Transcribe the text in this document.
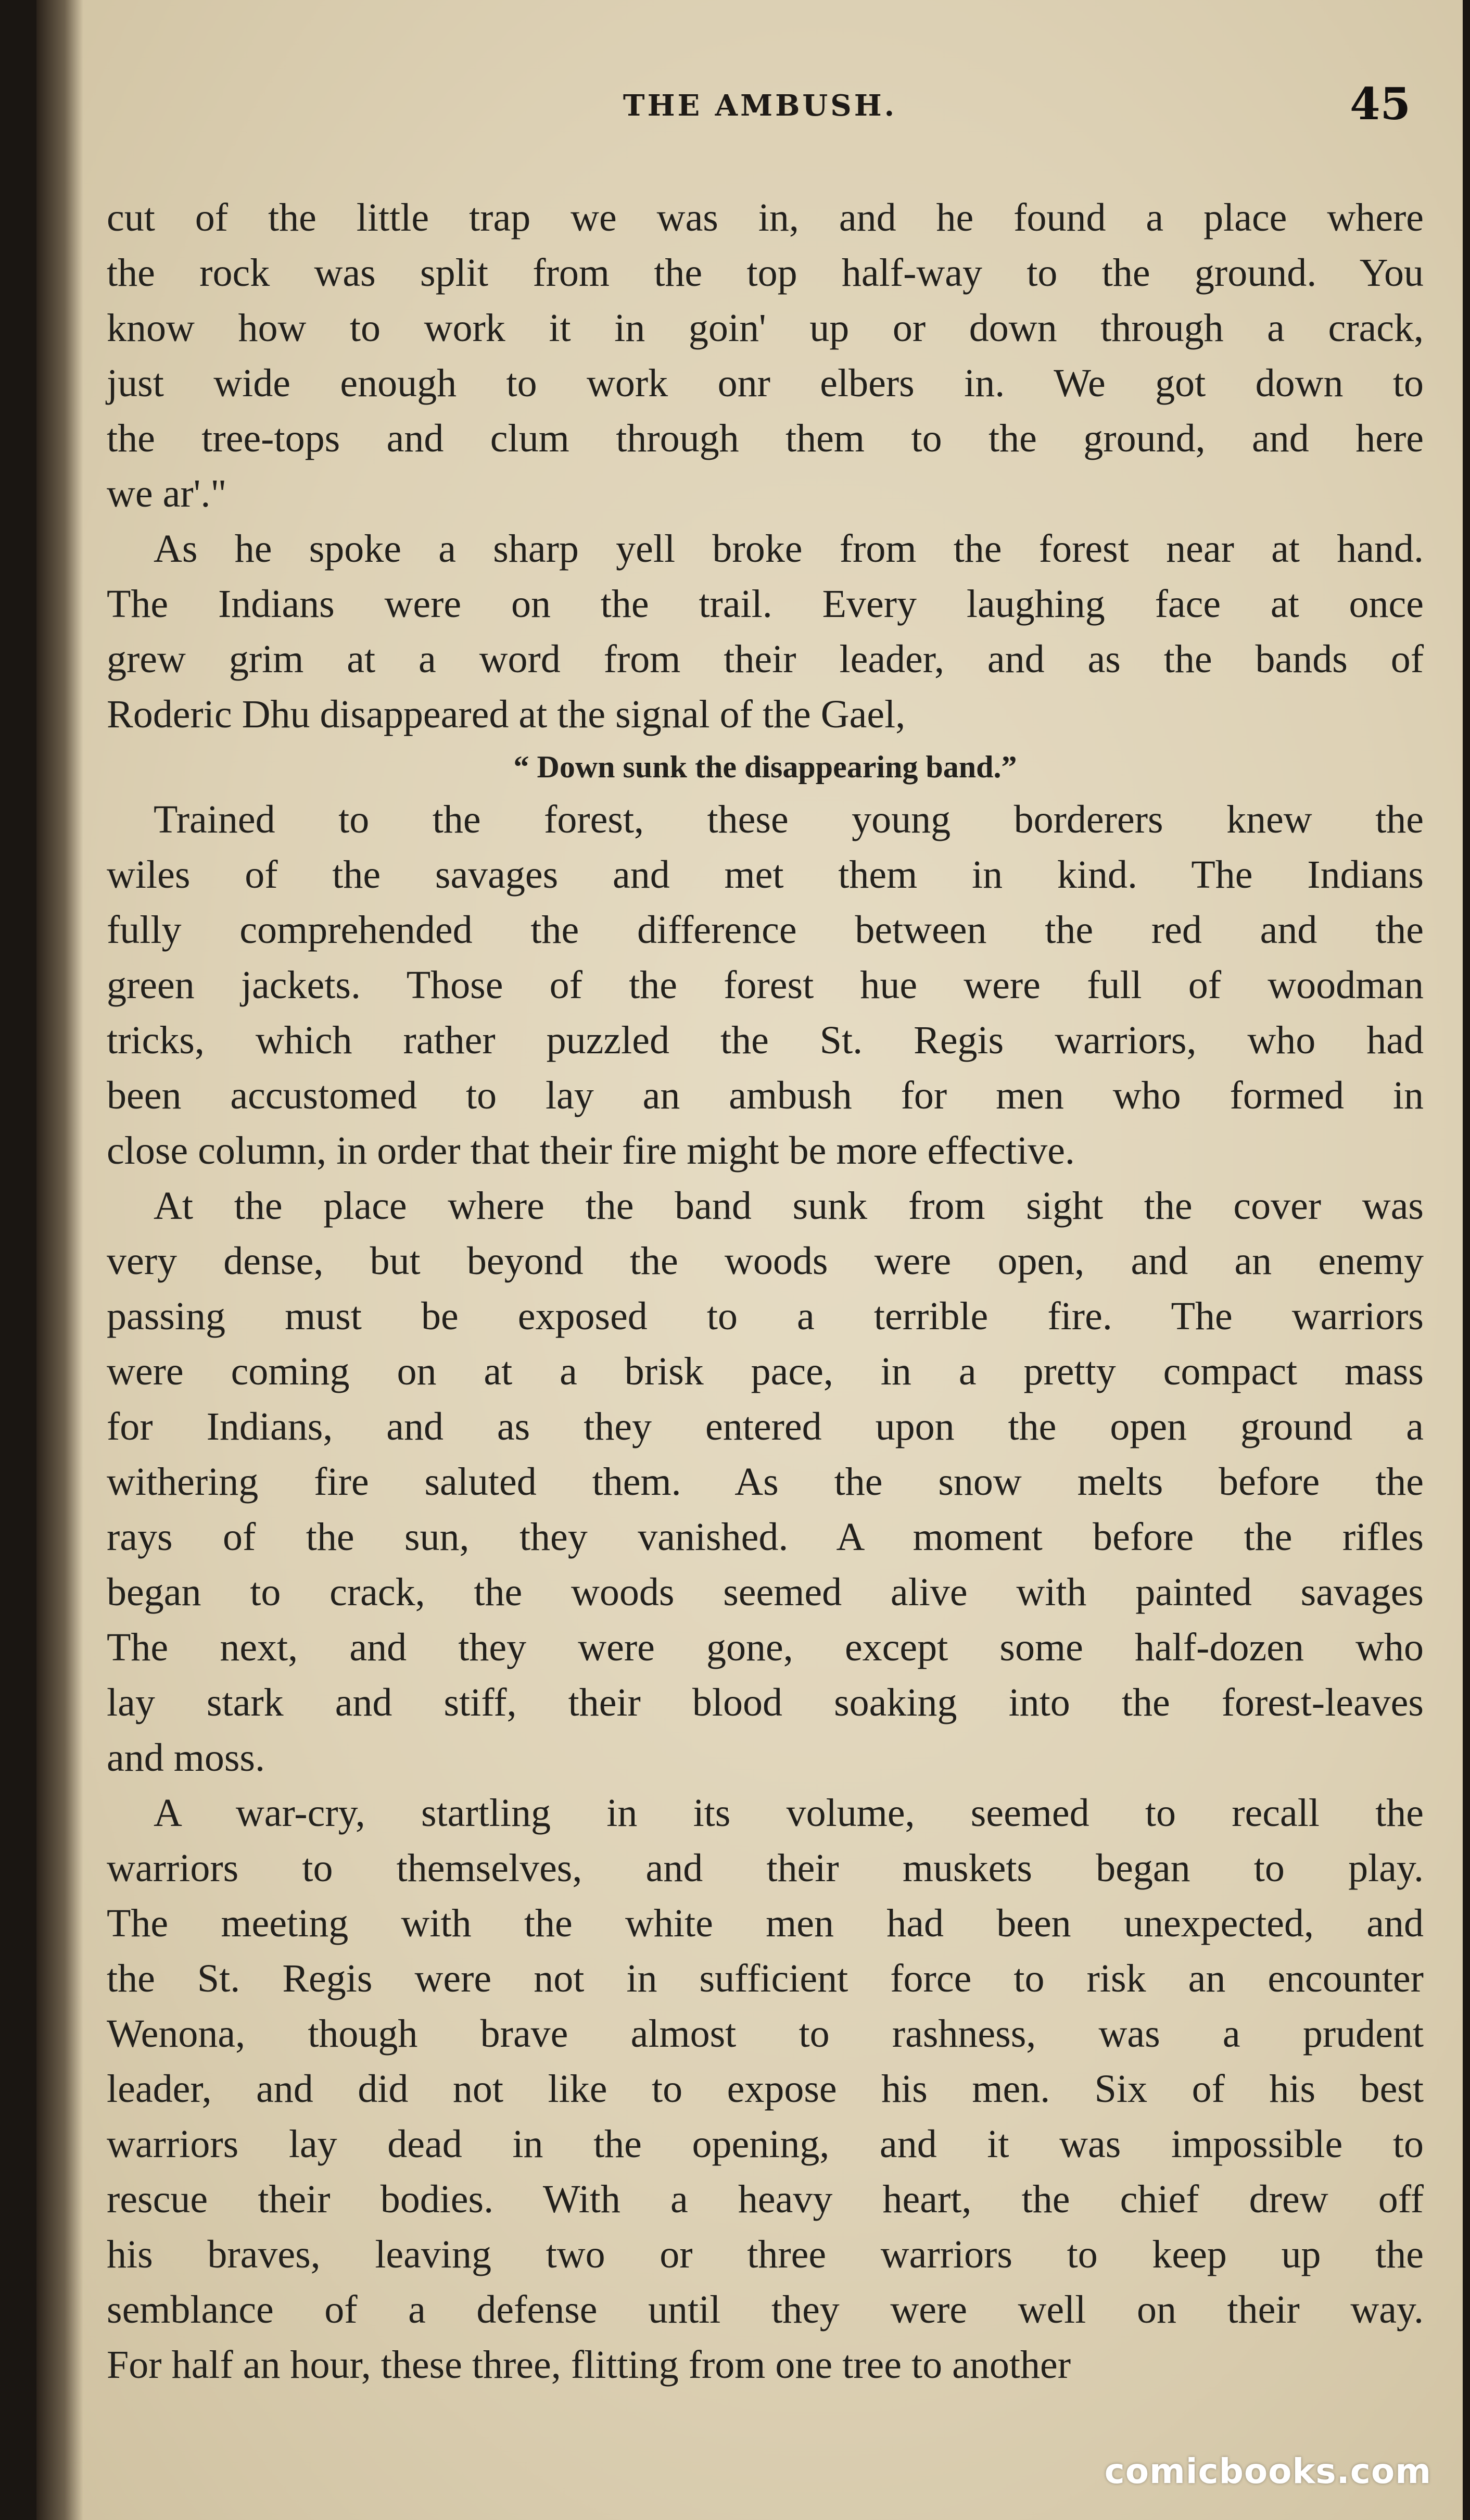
THE AMBUSH.	45

cut of the little trap we was in, and he found a place where
the rock was split from the top half-way to the ground. You
know how to work it in goin' up or down through a crack,
just wide enough to work onr elbers in. We got down to
the tree-tops and clum through them to the ground, and here
we ar'."

As he spoke a sharp yell broke from the forest near at hand.
The Indians were on the trail. Every laughing face at once
grew grim at a word from their leader, and as the bands of
Roderic Dhu disappeared at the signal of the Gael,

“ Down sunk the disappearing band.”

Trained to the forest, these young borderers knew the
wiles of the savages and met them in kind. The Indians
fully comprehended the difference between the red and the
green jackets. Those of the forest hue were full of woodman
tricks, which rather puzzled the St. Regis warriors, who had
been accustomed to lay an ambush for men who formed in
close column, in order that their fire might be more effective.

At the place where the band sunk from sight the cover was
very dense, but beyond the woods were open, and an enemy
passing must be exposed to a terrible fire. The warriors
were coming on at a brisk pace, in a pretty compact mass
for Indians, and as they entered upon the open ground a
withering fire saluted them. As the snow melts before the
rays of the sun, they vanished. A moment before the rifles
began to crack, the woods seemed alive with painted savages
The next, and they were gone, except some half-dozen who
lay stark and stiff, their blood soaking into the forest-leaves
and moss.

A war-cry, startling in its volume, seemed to recall the
warriors to themselves, and their muskets began to play.
The meeting with the white men had been unexpected, and
the St. Regis were not in sufficient force to risk an encounter
Wenona, though brave almost to rashness, was a prudent
leader, and did not like to expose his men. Six of his best
warriors lay dead in the opening, and it was impossible to
rescue their bodies. With a heavy heart, the chief drew off
his braves, leaving two or three warriors to keep up the
semblance of a defense until they were well on their way.
For half an hour, these three, flitting from one tree to another

comicbooks.com
